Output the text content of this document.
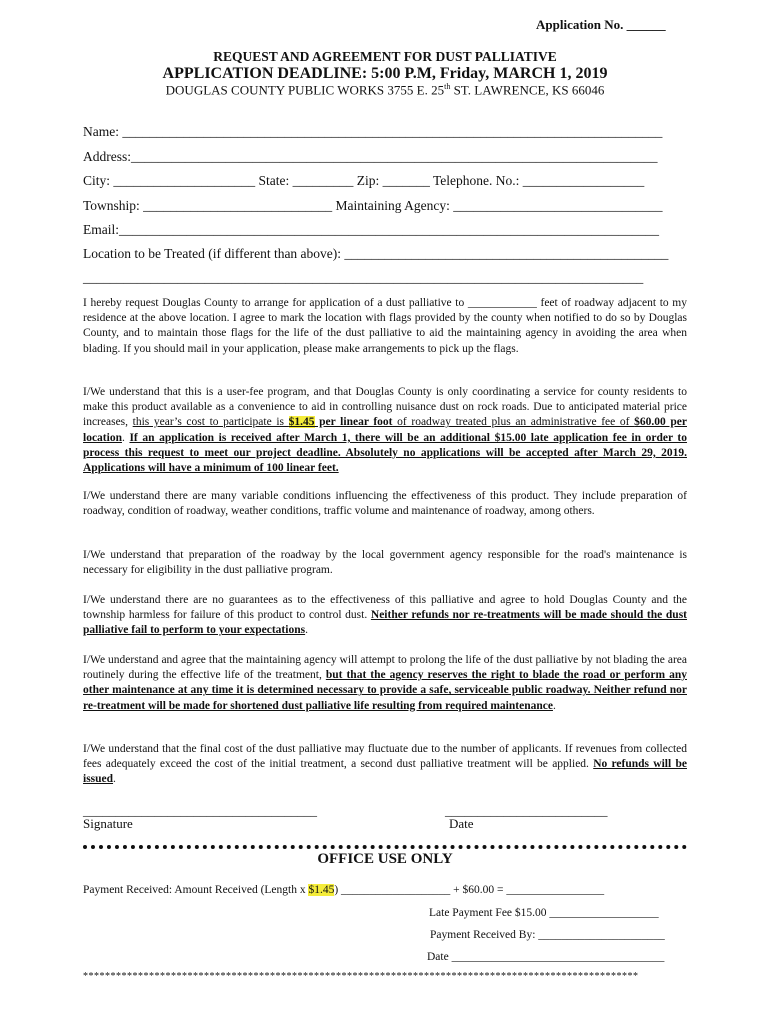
Application No. ______
REQUEST AND AGREEMENT FOR DUST PALLIATIVE
APPLICATION DEADLINE: 5:00 P.M, Friday, MARCH 1, 2019
DOUGLAS COUNTY PUBLIC WORKS 3755 E. 25th ST. LAWRENCE, KS 66046
Name: ________________________________________________________________________________
Address:______________________________________________________________________________
City: _____________________ State: _________ Zip: _______ Telephone. No.: __________________
Township: ____________________________ Maintaining Agency: _______________________________
Email:________________________________________________________________________________
Location to be Treated (if different than above): ________________________________________________
___________________________________________________________________________________
I hereby request Douglas County to arrange for application of a dust palliative to ____________ feet of roadway adjacent to my residence at the above location. I agree to mark the location with flags provided by the county when notified to do so by Douglas County, and to maintain those flags for the life of the dust palliative to aid the maintaining agency in avoiding the area when blading. If you should mail in your application, please make arrangements to pick up the flags.
I/We understand that this is a user-fee program, and that Douglas County is only coordinating a service for county residents to make this product available as a convenience to aid in controlling nuisance dust on rock roads. Due to anticipated material price increases, this year’s cost to participate is $1.45 per linear foot of roadway treated plus an administrative fee of $60.00 per location. If an application is received after March 1, there will be an additional $15.00 late application fee in order to process this request to meet our project deadline. Absolutely no applications will be accepted after March 29, 2019. Applications will have a minimum of 100 linear feet.
I/We understand there are many variable conditions influencing the effectiveness of this product. They include preparation of roadway, condition of roadway, weather conditions, traffic volume and maintenance of roadway, among others.
I/We understand that preparation of the roadway by the local government agency responsible for the road's maintenance is necessary for eligibility in the dust palliative program.
I/We understand there are no guarantees as to the effectiveness of this palliative and agree to hold Douglas County and the township harmless for failure of this product to control dust. Neither refunds nor re-treatments will be made should the dust palliative fail to perform to your expectations.
I/We understand and agree that the maintaining agency will attempt to prolong the life of the dust palliative by not blading the area routinely during the effective life of the treatment, but that the agency reserves the right to blade the road or perform any other maintenance at any time it is determined necessary to provide a safe, serviceable public roadway. Neither refund nor re-treatment will be made for shortened dust palliative life resulting from required maintenance.
I/We understand that the final cost of the dust palliative may fluctuate due to the number of applicants. If revenues from collected fees adequately exceed the cost of the initial treatment, a second dust palliative treatment will be applied. No refunds will be issued.
____________________________________
Signature
_________________________
Date
OFFICE USE ONLY
Payment Received: Amount Received (Length x $1.45) ___________________ + $60.00 = _________________
Late Payment Fee $15.00 ___________________
Payment Received By: ______________________
Date _____________________________________
*****************************************************************************************************
